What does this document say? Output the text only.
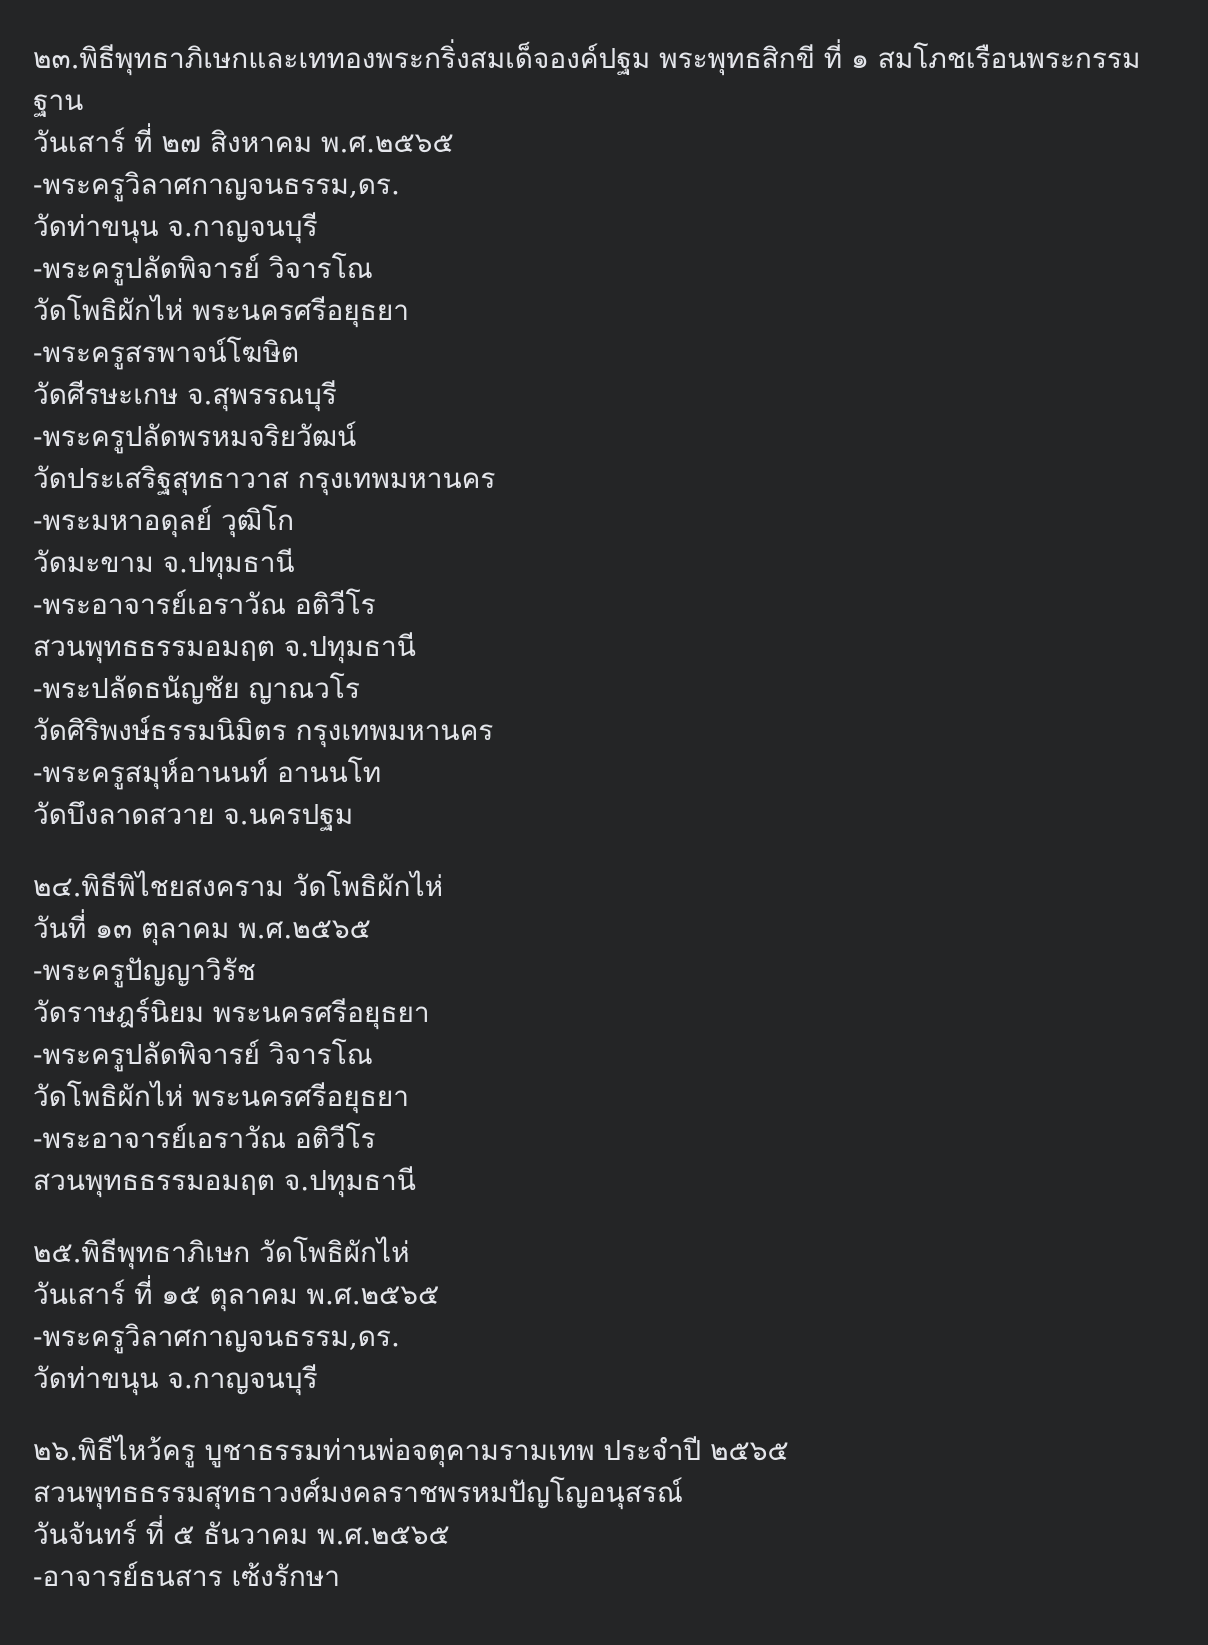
๒๓.พิธีพุทธาภิเษกและเททองพระกริ่งสมเด็จองค์ปฐม พระพุทธสิกขี ที่ ๑ สมโภชเรือนพระกรรมฐาน
วันเสาร์ ที่ ๒๗ สิงหาคม พ.ศ.๒๕๖๕
-พระครูวิลาศกาญจนธรรม,ดร.
วัดท่าขนุน จ.กาญจนบุรี
-พระครูปลัดพิจารย์ วิจารโณ
วัดโพธิผักไห่ พระนครศรีอยุธยา
-พระครูสรพาจน์โฆษิต
วัดศีรษะเกษ จ.สุพรรณบุรี
-พระครูปลัดพรหมจริยวัฒน์
วัดประเสริฐสุทธาวาส กรุงเทพมหานคร
-พระมหาอดุลย์ วุฒิโก
วัดมะขาม จ.ปทุมธานี
-พระอาจารย์เอราวัณ อติวีโร
สวนพุทธธรรมอมฤต จ.ปทุมธานี
-พระปลัดธนัญชัย ญาณวโร
วัดศิริพงษ์ธรรมนิมิตร กรุงเทพมหานคร
-พระครูสมุห์อานนท์ อานนโท
วัดบึงลาดสวาย จ.นครปฐม
๒๔.พิธีพิไชยสงคราม วัดโพธิผักไห่
วันที่ ๑๓ ตุลาคม พ.ศ.๒๕๖๕
-พระครูปัญญาวิรัช
วัดราษฎร์นิยม พระนครศรีอยุธยา
-พระครูปลัดพิจารย์ วิจารโณ
วัดโพธิผักไห่ พระนครศรีอยุธยา
-พระอาจารย์เอราวัณ อติวีโร
สวนพุทธธรรมอมฤต จ.ปทุมธานี
๒๕.พิธีพุทธาภิเษก วัดโพธิผักไห่
วันเสาร์ ที่ ๑๕ ตุลาคม พ.ศ.๒๕๖๕
-พระครูวิลาศกาญจนธรรม,ดร.
วัดท่าขนุน จ.กาญจนบุรี
๒๖.พิธีไหว้ครู บูชาธรรมท่านพ่อจตุคามรามเทพ ประจำปี ๒๕๖๕
สวนพุทธธรรมสุทธาวงศ์มงคลราชพรหมปัญโญอนุสรณ์
วันจันทร์ ที่ ๕ ธันวาคม พ.ศ.๒๕๖๕
-อาจารย์ธนสาร เซ้งรักษา
